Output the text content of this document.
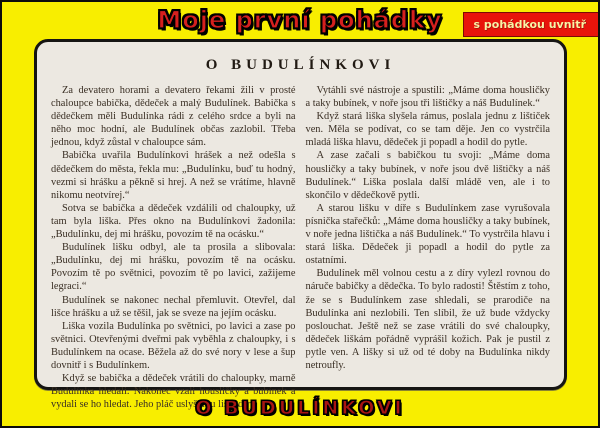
Moje první pohádky	s pohádkou uvnitř
O BUDULÍNKOVI

Za devatero horami a devatero řekami žili v prosté chaloupce babička, dědeček a malý Budulínek. Babička s dědečkem měli Budulínka rádi z celého srdce a byli na něho moc hodní, ale Budulínek občas zazlobil. Třeba jednou, když zůstal v chaloupce sám.

Babička uvařila Budulínkovi hrášek a než odešla s dědečkem do města, řekla mu: „Budulínku, buď tu hodný, vezmi si hrášku a pěkně si hrej. A než se vrátíme, hlavně nikomu neotvírej.“

Sotva se babička a dědeček vzdálili od chaloupky, už tam byla liška. Přes okno na Budulínkovi žadonila: „Budulínku, dej mi hrášku, povozím tě na ocásku.“

Budulínek lišku odbyl, ale ta prosila a slibovala: „Budulínku, dej mi hrášku, povozím tě na ocásku. Povozím tě po světnici, povozím tě po lavici, zažijeme legraci.“

Budulínek se nakonec nechal přemluvit. Otevřel, dal lišce hrášku a už se těšil, jak se sveze na jejím ocásku.

Liška vozila Budulínka po světnici, po lavici a zase po světnici. Otevřenými dveřmi pak vyběhla z chaloupky, i s Budulínkem na ocase. Běžela až do své nory v lese a šup dovnitř i s Budulínkem.

Když se babička a dědeček vrátili do chaloupky, marně Budulínka hledali. Nakonec vzali housličky a bubínek a vydali se ho hledat. Jeho pláč uslyšeli u liščí díry.

Vytáhli své nástroje a spustili: „Máme doma housličky a taky bubínek, v noře jsou tři lištičky a náš Budulínek.“

Když stará liška slyšela rámus, poslala jednu z lištiček ven. Měla se podívat, co se tam děje. Jen co vystrčila mladá liška hlavu, dědeček ji popadl a hodil do pytle.

A zase začali s babičkou tu svoji: „Máme doma housličky a taky bubínek, v noře jsou dvě lištičky a náš Budulínek.“ Liška poslala další mládě ven, ale i to skončilo v dědečkově pytli.

A starou lišku v díře s Budulínkem zase vyrušovala písnička stařečků: „Máme doma housličky a taky bubínek, v noře jedna lištička a náš Budulínek.“ To vystrčila hlavu i stará liška. Dědeček ji popadl a hodil do pytle za ostatními.

Budulínek měl volnou cestu a z díry vylezl rovnou do náruče babičky a dědečka. To bylo radosti! Štěstím z toho, že se s Budulínkem zase shledali, se prarodiče na Budulínka ani nezlobili. Ten slíbil, že už bude vždycky poslouchat. Ještě než se zase vrátili do své chaloupky, dědeček liškám pořádně vyprášil kožich. Pak je pustil z pytle ven. A lišky si už od té doby na Budulínka nikdy netroufly.

O BUDULÍNKOVI
